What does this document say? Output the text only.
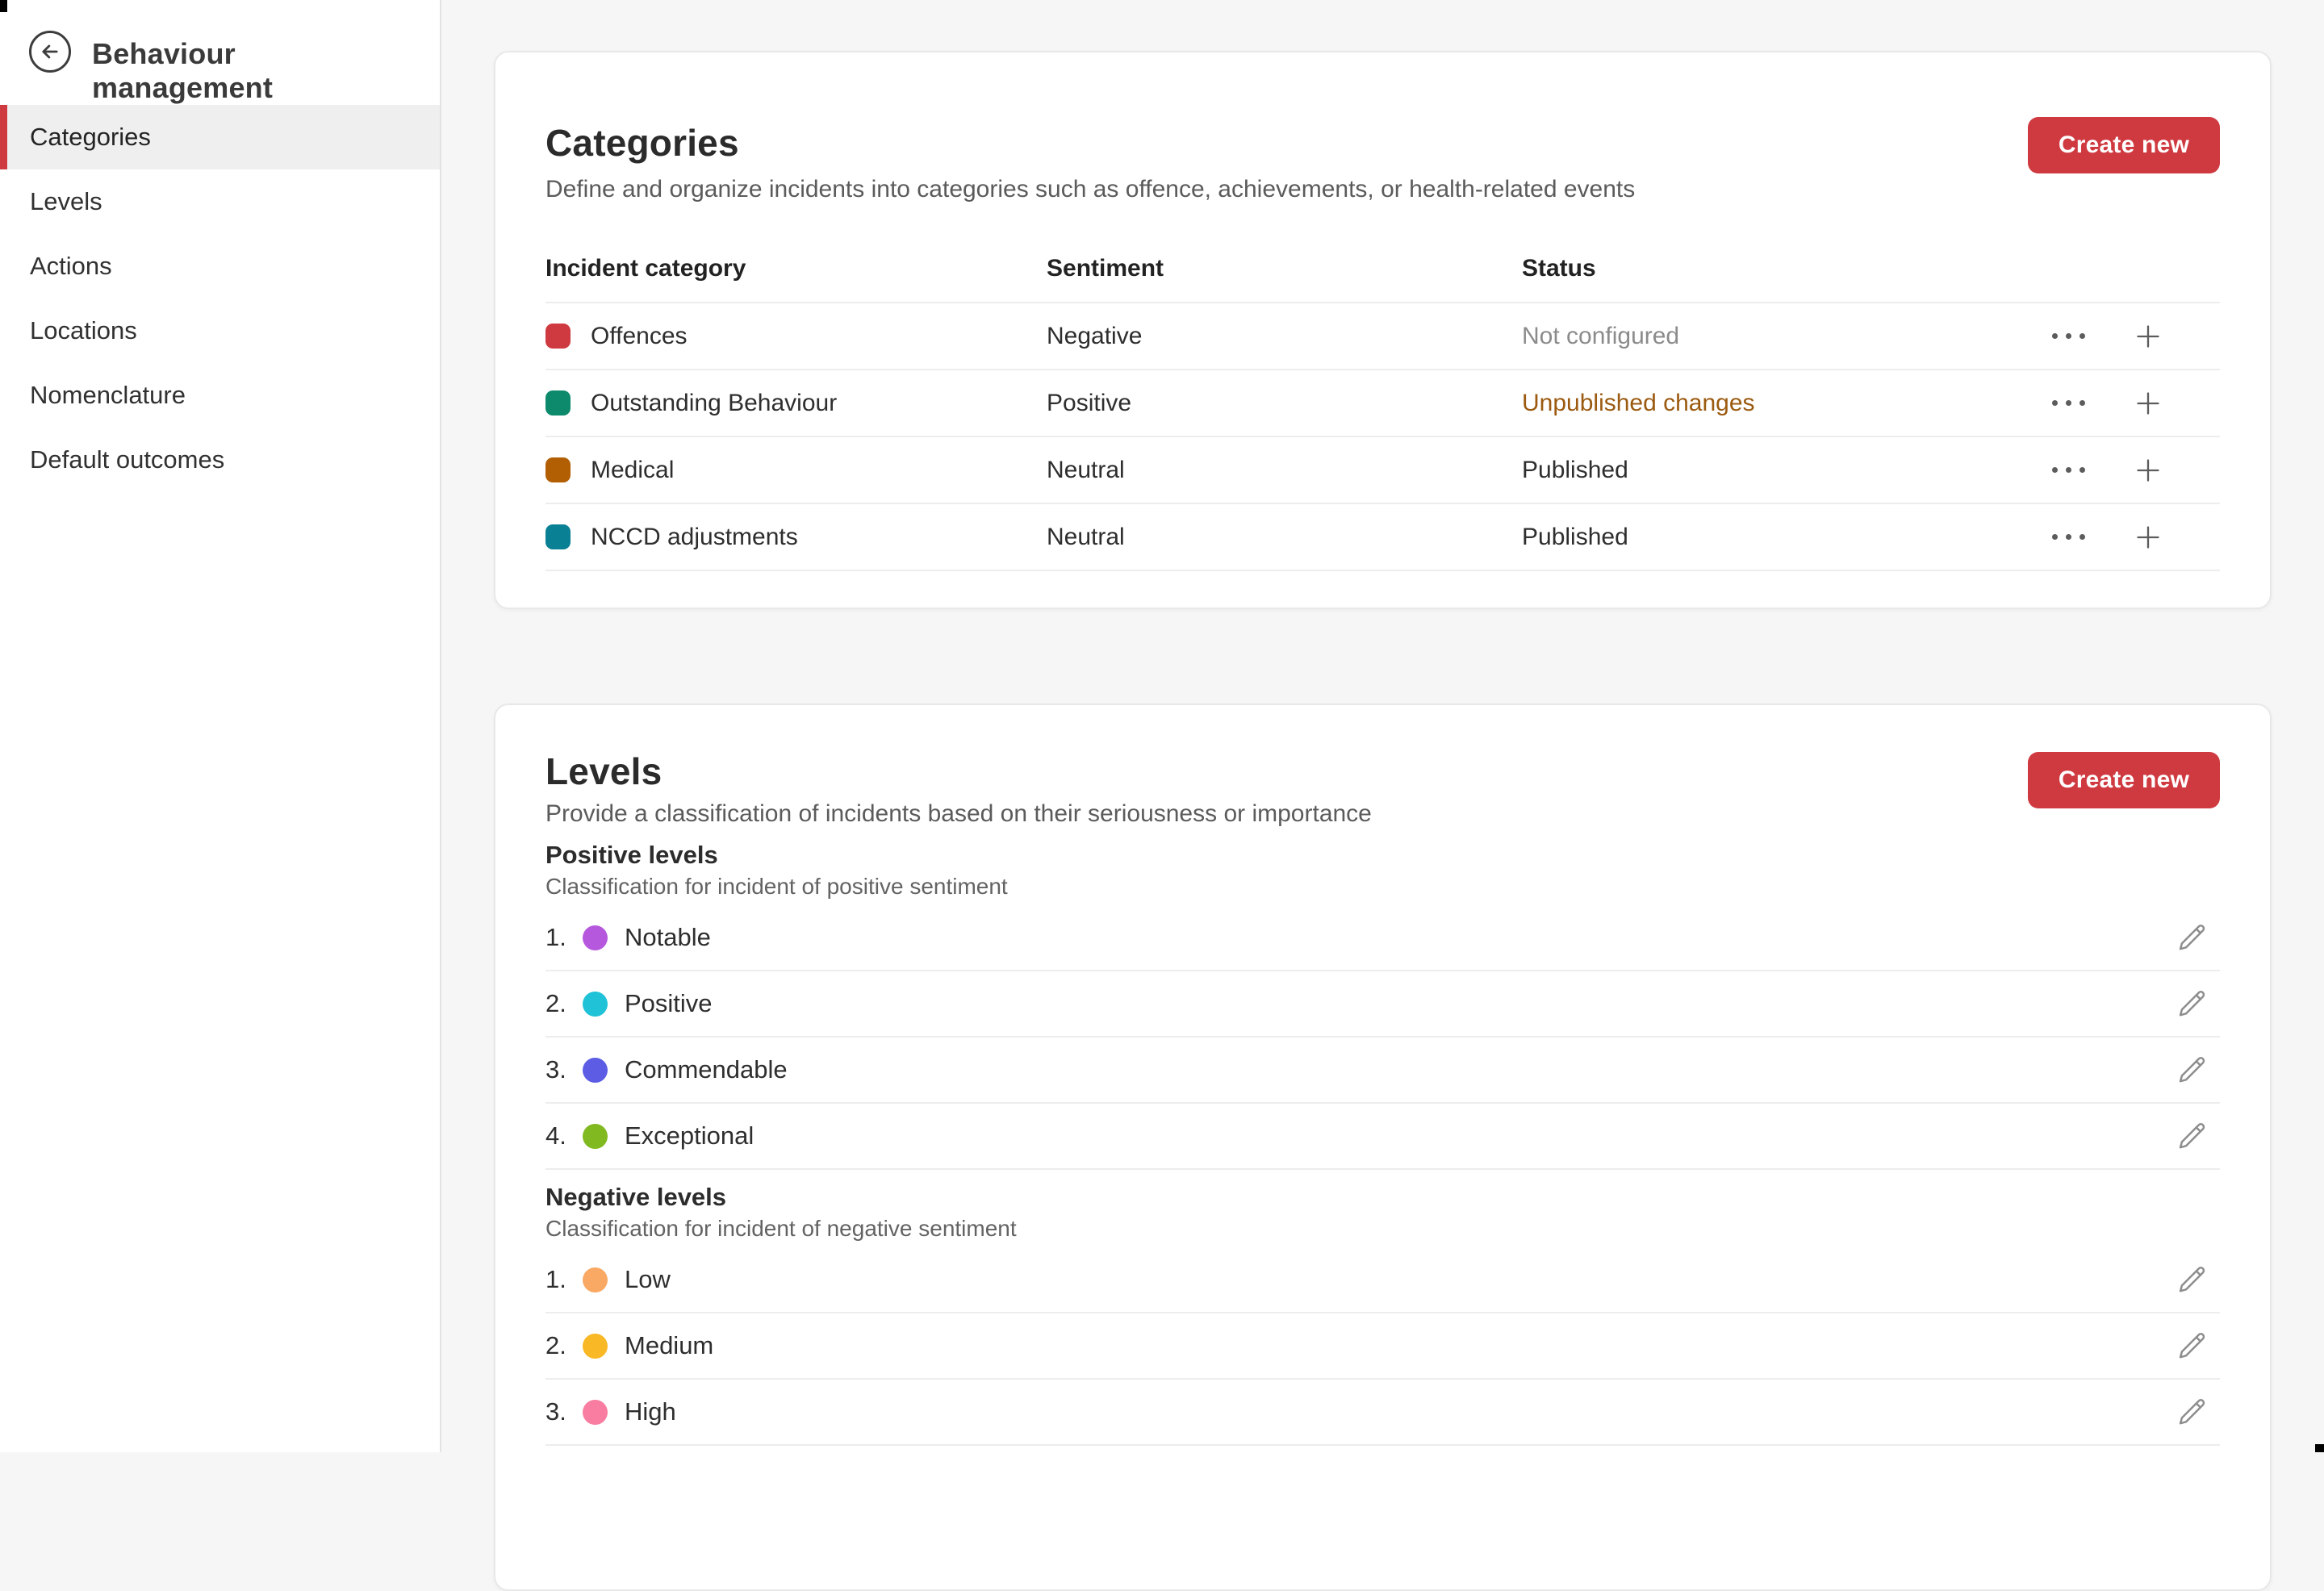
Behaviour management
Categories
Levels
Actions
Locations
Nomenclature
Default outcomes
Categories

Define and organize incidents into categories such as offence, achievements, or health-related events

Create new
Incident category	Sentiment	Status
Offences	Negative	Not configured
Outstanding Behaviour	Positive	Unpublished changes
Medical	Neutral	Published
NCCD adjustments	Neutral	Published
Levels

Provide a classification of incidents based on their seriousness or importance

Create new
Positive levels
Classification for incident of positive sentiment
1.	Notable
2.	Positive
3.	Commendable
4.	Exceptional
Negative levels
Classification for incident of negative sentiment
1.	Low
2.	Medium
3.	High
